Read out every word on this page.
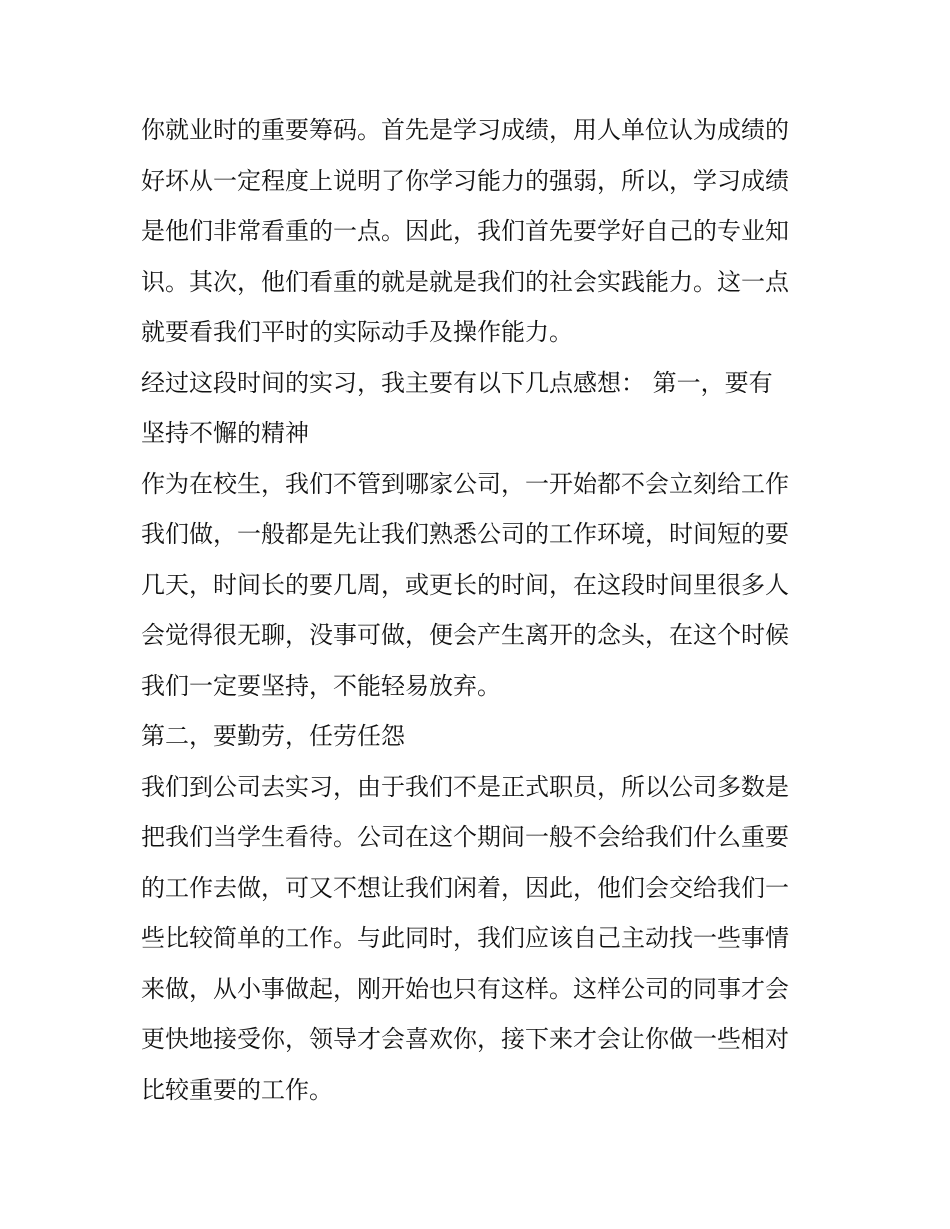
你就业时的重要筹码。首先是学习成绩，用人单位认为成绩的
好坏从一定程度上说明了你学习能力的强弱，所以，学习成绩
是他们非常看重的一点。因此，我们首先要学好自己的专业知
识。其次，他们看重的就是就是我们的社会实践能力。这一点
就要看我们平时的实际动手及操作能力。
经过这段时间的实习，我主要有以下几点感想： 第一，要有
坚持不懈的精神
作为在校生，我们不管到哪家公司，一开始都不会立刻给工作
我们做，一般都是先让我们熟悉公司的工作环境，时间短的要
几天，时间长的要几周，或更长的时间，在这段时间里很多人
会觉得很无聊，没事可做，便会产生离开的念头，在这个时候
我们一定要坚持，不能轻易放弃。
第二，要勤劳，任劳任怨
我们到公司去实习，由于我们不是正式职员，所以公司多数是
把我们当学生看待。公司在这个期间一般不会给我们什么重要
的工作去做，可又不想让我们闲着，因此，他们会交给我们一
些比较简单的工作。与此同时，我们应该自己主动找一些事情
来做，从小事做起，刚开始也只有这样。这样公司的同事才会
更快地接受你，领导才会喜欢你，接下来才会让你做一些相对
比较重要的工作。
